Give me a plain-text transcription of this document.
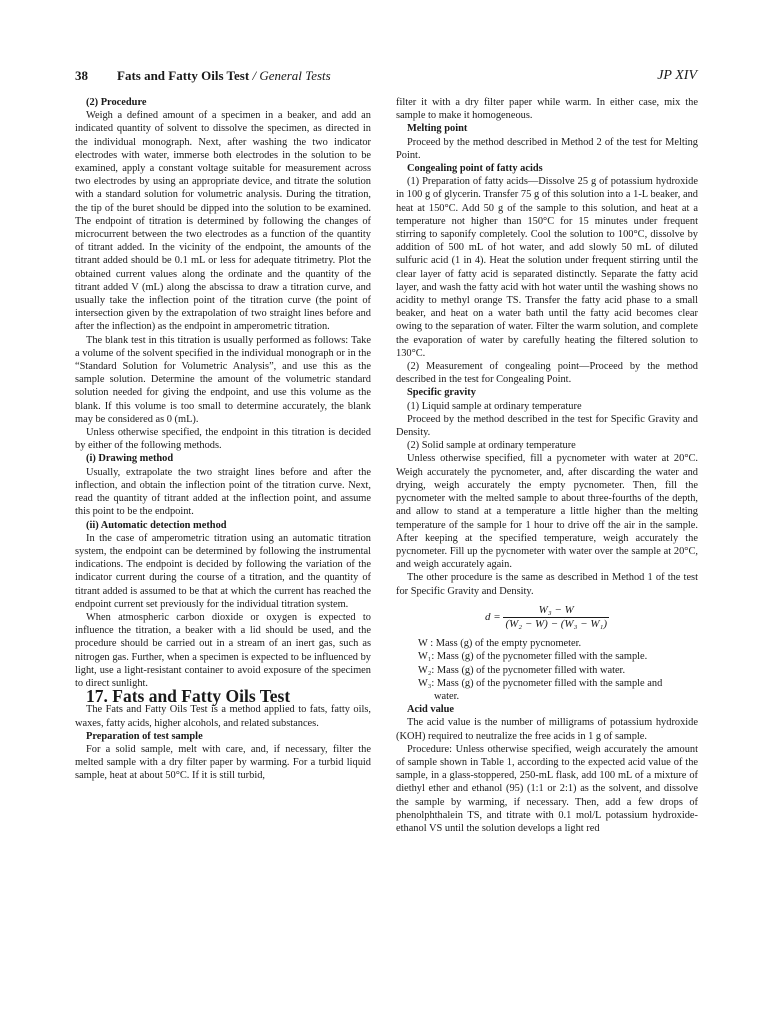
38 Fats and Fatty Oils Test / General Tests	JP XIV

(2) Procedure

Weigh a defined amount of a specimen in a beaker, and add an indicated quantity of solvent to dissolve the specimen, as directed in the individual monograph. Next, after washing the two indicator electrodes with water, immerse both electrodes in the solution to be examined, apply a constant voltage suitable for measurement across two electrodes by using an appropriate device, and titrate the solution with a standard solution for volumetric analysis. During the titration, the tip of the buret should be dipped into the solution to be examined. The endpoint of titration is determined by following the changes of microcurrent between the two electrodes as a function of the quantity of titrant added. In the vicinity of the endpoint, the amounts of the titrant added should be 0.1 mL or less for adequate titrimetry. Plot the obtained current values along the ordinate and the quantity of the titrant added V (mL) along the abscissa to draw a titration curve, and usually take the inflection point of the titration curve (the point of intersection given by the extrapolation of two straight lines before and after the inflection) as the endpoint in amperometric titration.

The blank test in this titration is usually performed as follows: Take a volume of the solvent specified in the individual monograph or in the “Standard Solution for Volumetric Analysis”, and use this as the sample solution. Determine the amount of the volumetric standard solution needed for giving the endpoint, and use this volume as the blank. If this volume is too small to determine accurately, the blank may be considered as 0 (mL).

Unless otherwise specified, the endpoint in this titration is decided by either of the following methods.

(i) Drawing method

Usually, extrapolate the two straight lines before and after the inflection, and obtain the inflection point of the titration curve. Next, read the quantity of titrant added at the inflection point, and assume this point to be the endpoint.

(ii) Automatic detection method

In the case of amperometric titration using an automatic titration system, the endpoint can be determined by following the instrumental indications. The endpoint is decided by following the variation of the indicator current during the course of a titration, and the quantity of titrant added is assumed to be that at which the current has reached the endpoint current set previously for the individual titration system.

When atmospheric carbon dioxide or oxygen is expected to influence the titration, a beaker with a lid should be used, and the procedure should be carried out in a stream of an inert gas, such as nitrogen gas. Further, when a specimen is expected to be influenced by light, use a light-resistant container to avoid exposure of the specimen to direct sunlight.

17. Fats and Fatty Oils Test

The Fats and Fatty Oils Test is a method applied to fats, fatty oils, waxes, fatty acids, higher alcohols, and related substances.

Preparation of test sample

For a solid sample, melt with care, and, if necessary, filter the melted sample with a dry filter paper by warming. For a turbid liquid sample, heat at about 50°C. If it is still turbid,

filter it with a dry filter paper while warm. In either case, mix the sample to make it homogeneous.

Melting point

Proceed by the method described in Method 2 of the test for Melting Point.

Congealing point of fatty acids

(1) Preparation of fatty acids—Dissolve 25 g of potassium hydroxide in 100 g of glycerin. Transfer 75 g of this solution into a 1-L beaker, and heat at 150°C. Add 50 g of the sample to this solution, and heat at a temperature not higher than 150°C for 15 minutes under frequent stirring to saponify completely. Cool the solution to 100°C, dissolve by addition of 500 mL of hot water, and add slowly 50 mL of diluted sulfuric acid (1 in 4). Heat the solution under frequent stirring until the clear layer of fatty acid is separated distinctly. Separate the fatty acid layer, and wash the fatty acid with hot water until the washing shows no acidity to methyl orange TS. Transfer the fatty acid phase to a small beaker, and heat on a water bath until the fatty acid becomes clear owing to the separation of water. Filter the warm solution, and complete the evaporation of water by carefully heating the filtered solution to 130°C.

(2) Measurement of congealing point—Proceed by the method described in the test for Congealing Point.

Specific gravity

(1) Liquid sample at ordinary temperature

Proceed by the method described in the test for Specific Gravity and Density.

(2) Solid sample at ordinary temperature

Unless otherwise specified, fill a pycnometer with water at 20°C. Weigh accurately the pycnometer, and, after discarding the water and drying, weigh accurately the empty pycnometer. Then, fill the pycnometer with the melted sample to about three-fourths of the depth, and allow to stand at a temperature a little higher than the melting temperature of the sample for 1 hour to drive off the air in the sample. After keeping at the specified temperature, weigh accurately the pycnometer. Fill up the pycnometer with water over the sample at 20°C, and weigh accurately again.

The other procedure is the same as described in Method 1 of the test for Specific Gravity and Density.

$d = \frac{\text{W₃ − W}}{\text{(W₂ − W) − (W₃ − W₁)}}$

W : Mass (g) of the empty pycnometer.

W₁: Mass (g) of the pycnometer filled with the sample.

W₂: Mass (g) of the pycnometer filled with water.

W₃: Mass (g) of the pycnometer filled with the sample and

water.

Acid value

The acid value is the number of milligrams of potassium hydroxide (KOH) required to neutralize the free acids in 1 g of sample.

Procedure: Unless otherwise specified, weigh accurately the amount of sample shown in Table 1, according to the expected acid value of the sample, in a glass-stoppered, 250-mL flask, add 100 mL of a mixture of diethyl ether and ethanol (95) (1:1 or 2:1) as the solvent, and dissolve the sample by warming, if necessary. Then, add a few drops of phenolphthalein TS, and titrate with 0.1 mol/L potassium hydroxide-ethanol VS until the solution develops a light red
